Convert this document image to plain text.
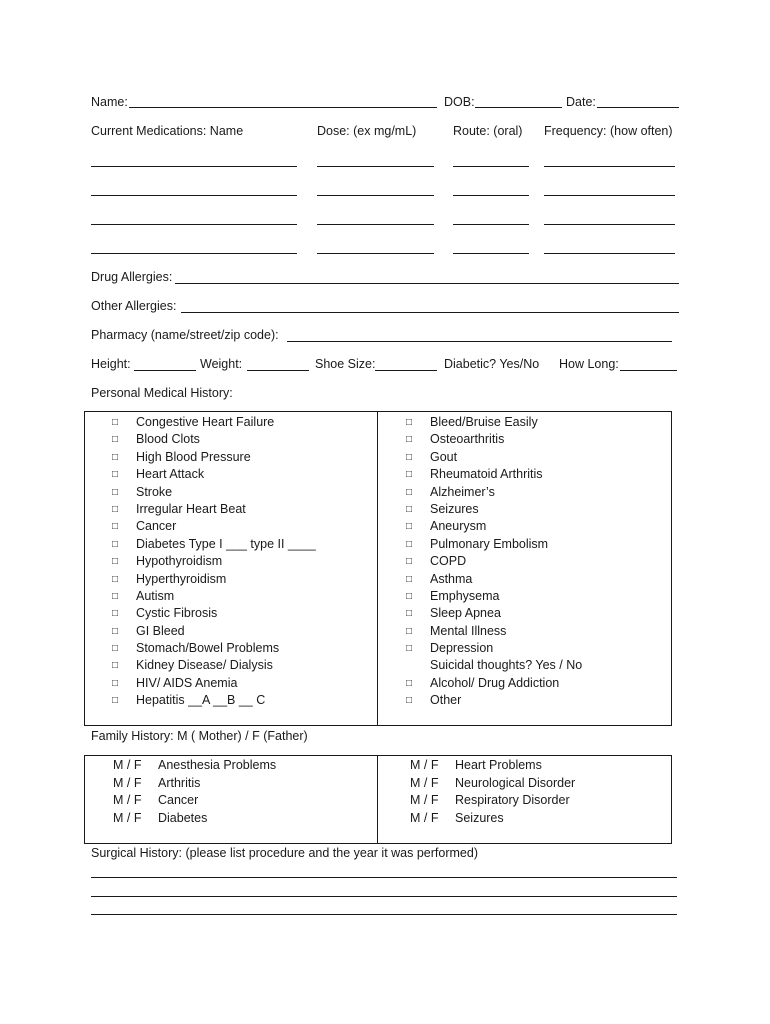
Name:	DOB:	Date:
Current Medications: Name	Dose: (ex mg/mL)	Route: (oral) Frequency: (how often)
Drug Allergies:
Other Allergies:
Pharmacy (name/street/zip code):
Height:	Weight:	Shoe Size:	Diabetic? Yes/No How Long:
Personal Medical History:
□ Congestive Heart Failure
□ Blood Clots
□ High Blood Pressure
□ Heart Attack
□ Stroke
□ Irregular Heart Beat
□ Cancer
□ Diabetes Type I ___ type II ____
□ Hypothyroidism
□ Hyperthyroidism
□ Autism
□ Cystic Fibrosis
□ GI Bleed
□ Stomach/Bowel Problems
□ Kidney Disease/ Dialysis
□ HIV/ AIDS Anemia
□ Hepatitis __A __B __ C
□ Bleed/Bruise Easily
□ Osteoarthritis
□ Gout
□ Rheumatoid Arthritis
□ Alzheimer’s
□ Seizures
□ Aneurysm
□ Pulmonary Embolism
□ COPD
□ Asthma
□ Emphysema
□ Sleep Apnea
□ Mental Illness
□ Depression
Suicidal thoughts? Yes / No
□ Alcohol/ Drug Addiction
□ Other
Family History: M ( Mother) / F (Father)
M / F Anesthesia Problems
M / F Arthritis
M / F Cancer
M / F Diabetes
M / F Heart Problems
M / F Neurological Disorder
M / F Respiratory Disorder
M / F Seizures
Surgical History: (please list procedure and the year it was performed)
